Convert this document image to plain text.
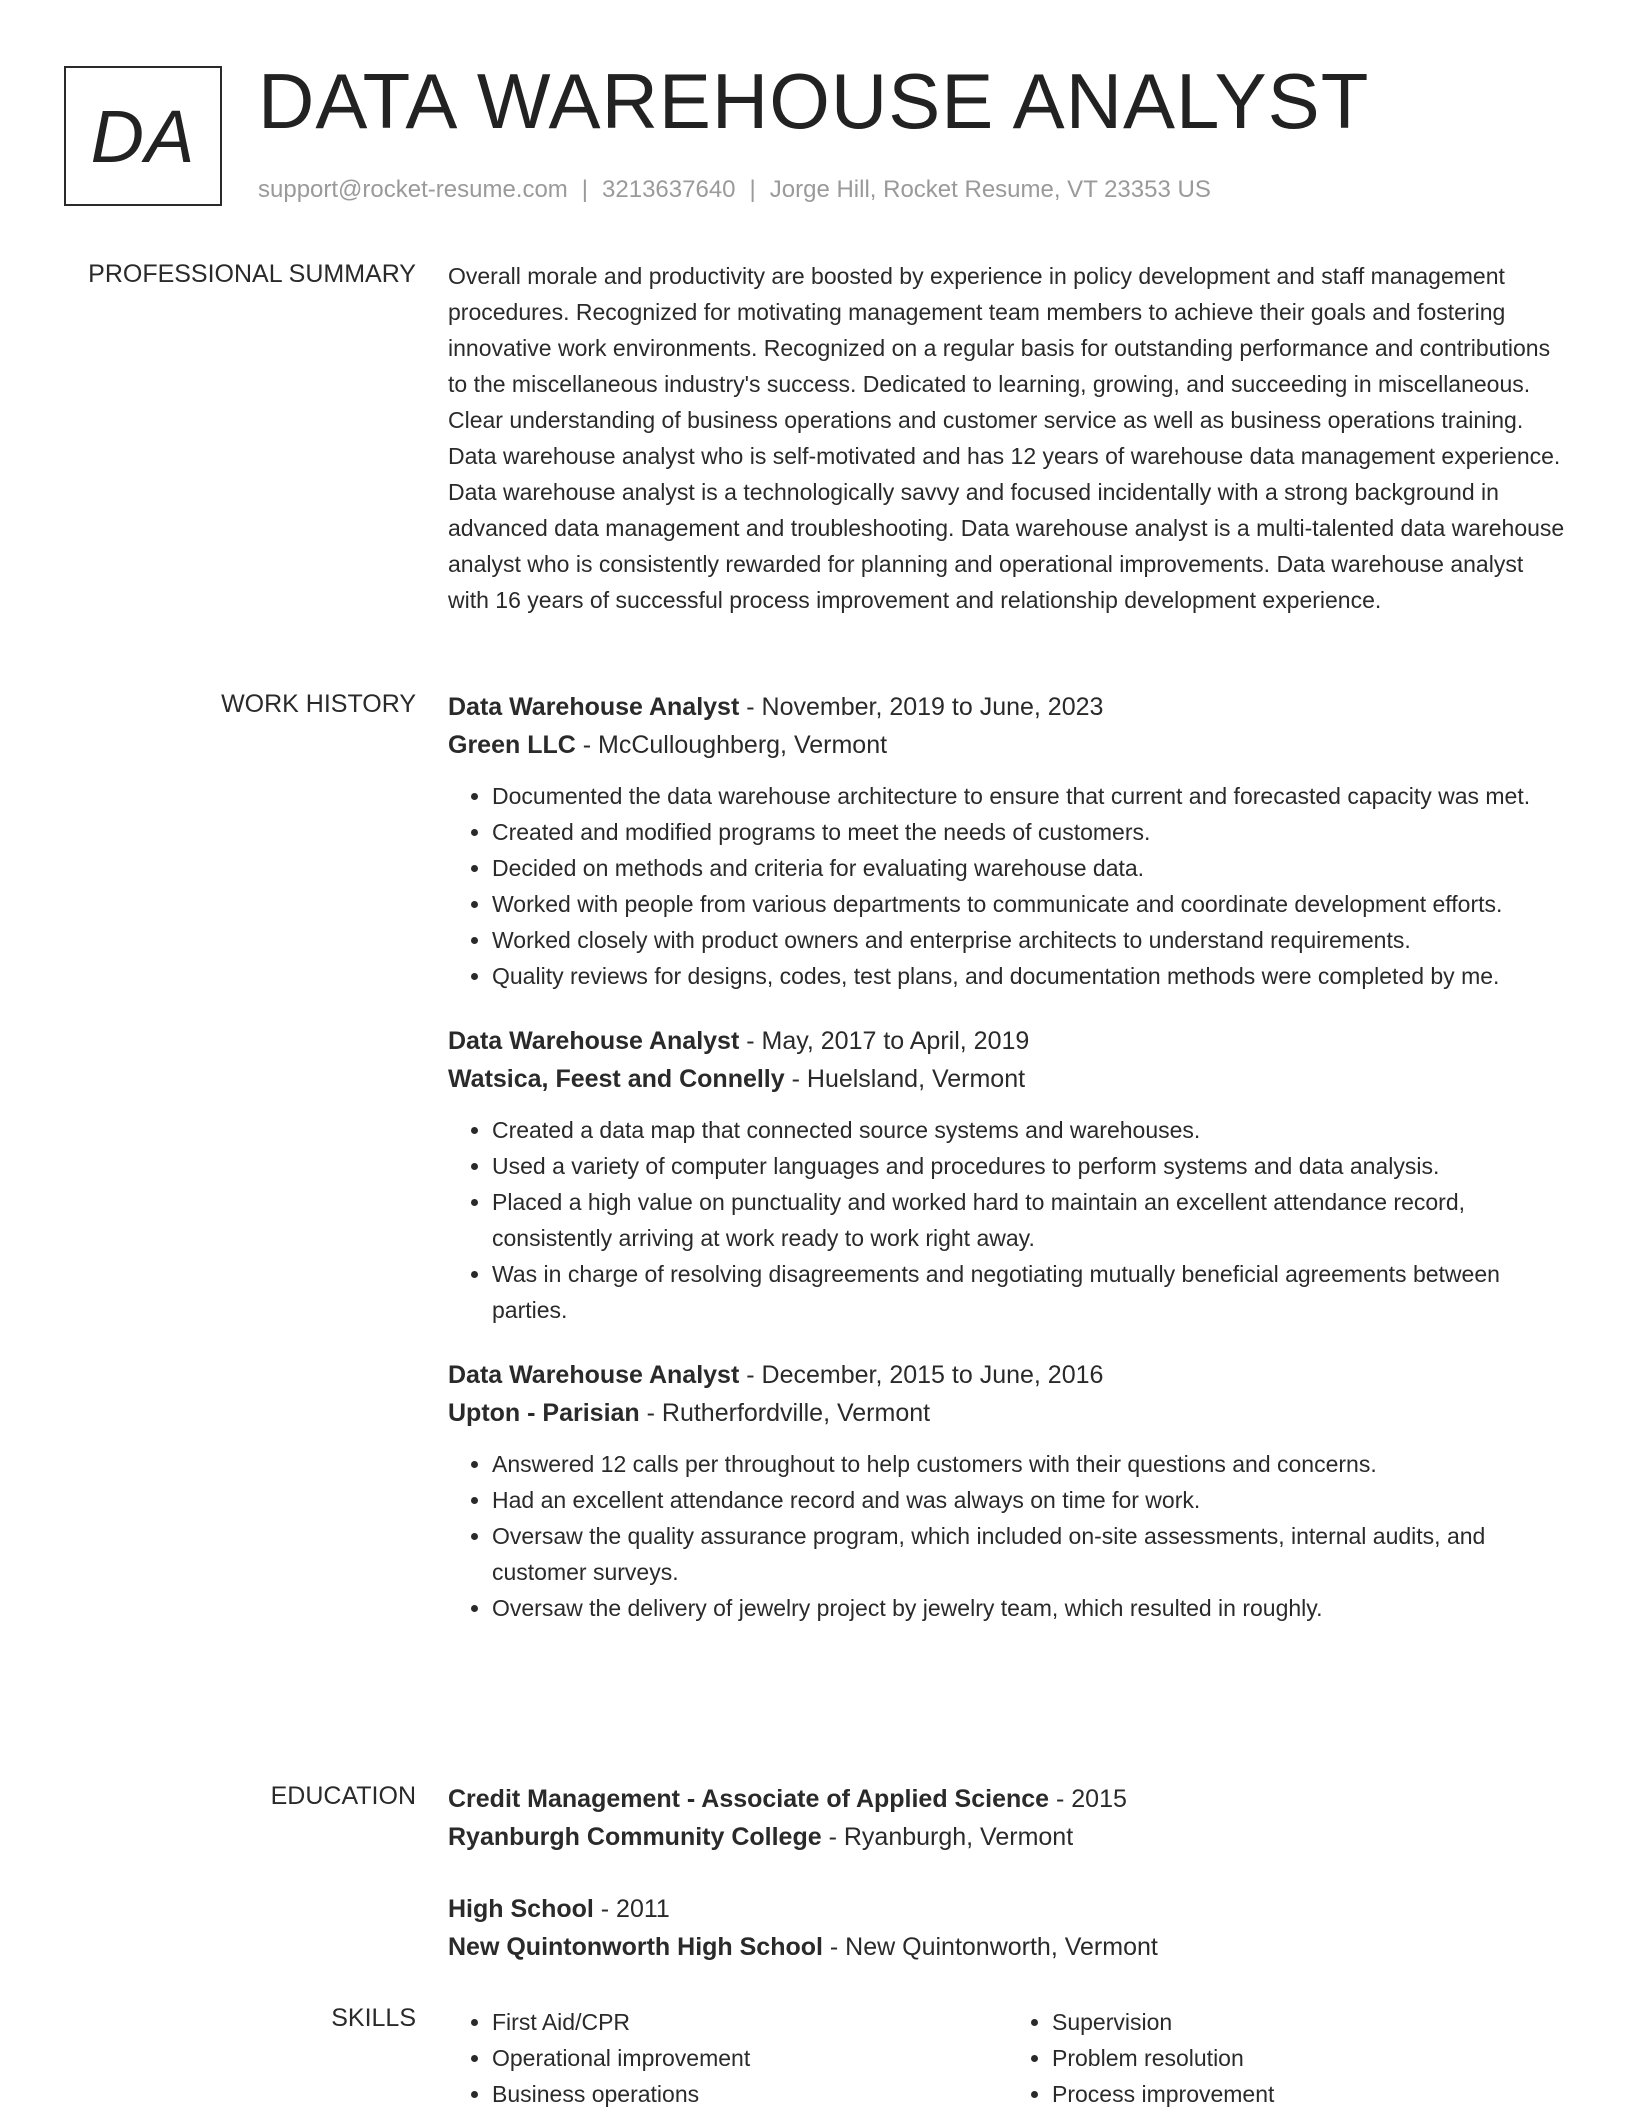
DA DATA WAREHOUSE ANALYST
support@rocket-resume.com | 3213637640 | Jorge Hill, Rocket Resume, VT 23353 US
PROFESSIONAL SUMMARY Overall morale and productivity are boosted by experience in policy development and staff management procedures. Recognized for motivating management team members to achieve their goals and fostering innovative work environments. Recognized on a regular basis for outstanding performance and contributions to the miscellaneous industry's success. Dedicated to learning, growing, and succeeding in miscellaneous. Clear understanding of business operations and customer service as well as business operations training. Data warehouse analyst who is self-motivated and has 12 years of warehouse data management experience. Data warehouse analyst is a technologically savvy and focused incidentally with a strong background in advanced data management and troubleshooting. Data warehouse analyst is a multi-talented data warehouse analyst who is consistently rewarded for planning and operational improvements. Data warehouse analyst with 16 years of successful process improvement and relationship development experience.

WORK HISTORY Data Warehouse Analyst - November, 2019 to June, 2023
Green LLC - McCulloughberg, Vermont
• Documented the data warehouse architecture to ensure that current and forecasted capacity was met.
• Created and modified programs to meet the needs of customers.
• Decided on methods and criteria for evaluating warehouse data.
• Worked with people from various departments to communicate and coordinate development efforts.
• Worked closely with product owners and enterprise architects to understand requirements.
• Quality reviews for designs, codes, test plans, and documentation methods were completed by me.
Data Warehouse Analyst - May, 2017 to April, 2019
Watsica, Feest and Connelly - Huelsland, Vermont
• Created a data map that connected source systems and warehouses.
• Used a variety of computer languages and procedures to perform systems and data analysis.
• Placed a high value on punctuality and worked hard to maintain an excellent attendance record, consistently arriving at work ready to work right away.
• Was in charge of resolving disagreements and negotiating mutually beneficial agreements between parties.
Data Warehouse Analyst - December, 2015 to June, 2016
Upton - Parisian - Rutherfordville, Vermont
• Answered 12 calls per throughout to help customers with their questions and concerns.
• Had an excellent attendance record and was always on time for work.
• Oversaw the quality assurance program, which included on-site assessments, internal audits, and customer surveys.
• Oversaw the delivery of jewelry project by jewelry team, which resulted in roughly.
EDUCATION Credit Management - Associate of Applied Science - 2015
Ryanburgh Community College - Ryanburgh, Vermont
High School - 2011
New Quintonworth High School - New Quintonworth, Vermont
SKILLS
•	First Aid/CPR
• Operational improvement
• Business operations
• Supervision
• Problem resolution
• Process improvement
